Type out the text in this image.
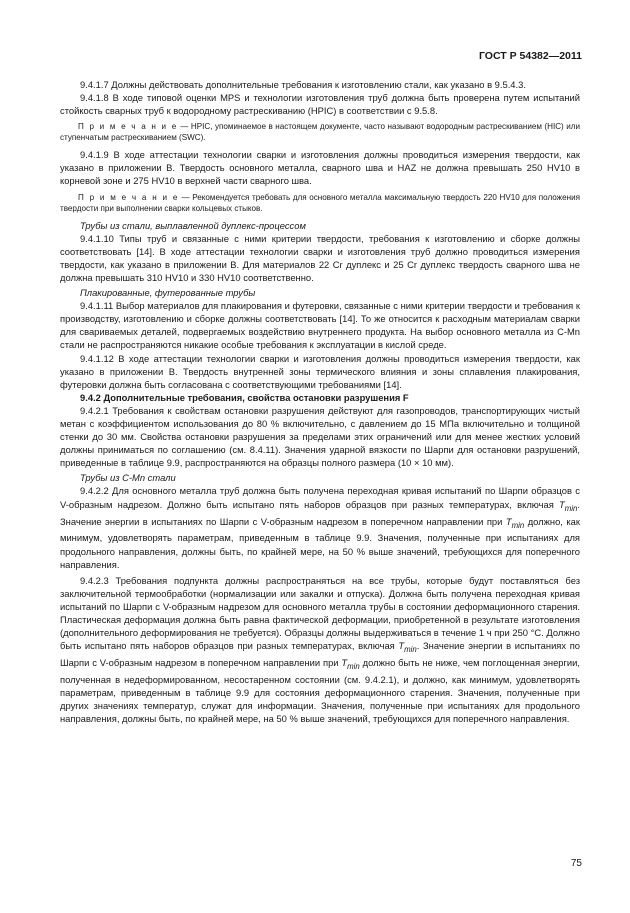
ГОСТ Р 54382—2011

9.4.1.7 Должны действовать дополнительные требования к изготовлению стали, как указано в 9.5.4.3.

9.4.1.8 В ходе типовой оценки MPS и технологии изготовления труб должна быть проверена путем испытаний стойкость сварных труб к водородному растрескиванию (HPIC) в соответствии с 9.5.8.

П р и м е ч а н и е — HPIC, упоминаемое в настоящем документе, часто называют водородным растрескиванием (HIC) или ступенчатым растрескиванием (SWC).

9.4.1.9 В ходе аттестации технологии сварки и изготовления должны проводиться измерения твердости, как указано в приложении B. Твердость основного металла, сварного шва и HAZ не должна превышать 250 HV10 в корневой зоне и 275 HV10 в верхней части сварного шва.

П р и м е ч а н и е — Рекомендуется требовать для основного металла максимальную твердость 220 HV10 для положения твердости при выполнении сварки кольцевых стыков.

Трубы из стали, выплавленной дуплекс-процессом

9.4.1.10 Типы труб и связанные с ними критерии твердости, требования к изготовлению и сборке должны соответствовать [14]. В ходе аттестации технологии сварки и изготовления труб должно проводиться измерения твердости, как указано в приложении B. Для материалов 22 Cr дуплекс и 25 Cr дуплекс твердость сварного шва не должна превышать 310 HV10 и 330 HV10 соответственно.

Плакированные, футерованные трубы

9.4.1.11 Выбор материалов для плакирования и футеровки, связанные с ними критерии твердости и требования к производству, изготовлению и сборке должны соответствовать [14]. То же относится к расходным материалам сварки для свариваемых деталей, подвергаемых воздействию внутреннего продукта. На выбор основного металла из C-Mn стали не распространяются никакие особые требования к эксплуатации в кислой среде.

9.4.1.12 В ходе аттестации технологии сварки и изготовления должны проводиться измерения твердости, как указано в приложении B. Твердость внутренней зоны термического влияния и зоны сплавления плакирования, футеровки должна быть согласована с соответствующими требованиями [14].

9.4.2 Дополнительные требования, свойства остановки разрушения F

9.4.2.1 Требования к свойствам остановки разрушения действуют для газопроводов, транспортирующих чистый метан с коэффициентом использования до 80 % включительно, с давлением до 15 МПа включительно и толщиной стенки до 30 мм. Свойства остановки разрушения за пределами этих ограничений или для менее жестких условий должны приниматься по соглашению (см. 8.4.11). Значения ударной вязкости по Шарпи для остановки разрушений, приведенные в таблице 9.9, распространяются на образцы полного размера (10 × 10 мм).

Трубы из C-Mn стали

9.4.2.2 Для основного металла труб должна быть получена переходная кривая испытаний по Шарпи образцов с V-образным надрезом. Должно быть испытано пять наборов образцов при разных температурах, включая $T_{min}$. Значение энергии в испытаниях по Шарпи с V-образным надрезом в поперечном направлении при $T_{min}$ должно, как минимум, удовлетворять параметрам, приведенным в таблице 9.9. Значения, полученные при испытаниях для продольного направления, должны быть, по крайней мере, на 50 % выше значений, требующихся для поперечного направления.

9.4.2.3 Требования подпункта должны распространяться на все трубы, которые будут поставляться без заключительной термообработки (нормализации или закалки и отпуска). Должна быть получена переходная кривая испытаний по Шарпи с V-образным надрезом для основного металла трубы в состоянии деформационного старения. Пластическая деформация должна быть равна фактической деформации, приобретенной в результате изготовления (дополнительного деформирования не требуется). Образцы должны выдерживаться в течение 1 ч при 250 °C. Должно быть испытано пять наборов образцов при разных температурах, включая $T_{min}$. Значение энергии в испытаниях по Шарпи с V-образным надрезом в поперечном направлении при $T_{min}$ должно быть не ниже, чем поглощенная энергии, полученная в недеформированном, несостаренном состоянии (см. 9.4.2.1), и должно, как минимум, удовлетворять параметрам, приведенным в таблице 9.9 для состояния деформационного старения. Значения, полученные при других значениях температур, служат для информации. Значения, полученные при испытаниях для продольного направления, должны быть, по крайней мере, на 50 % выше значений, требующихся для поперечного направления.

75
